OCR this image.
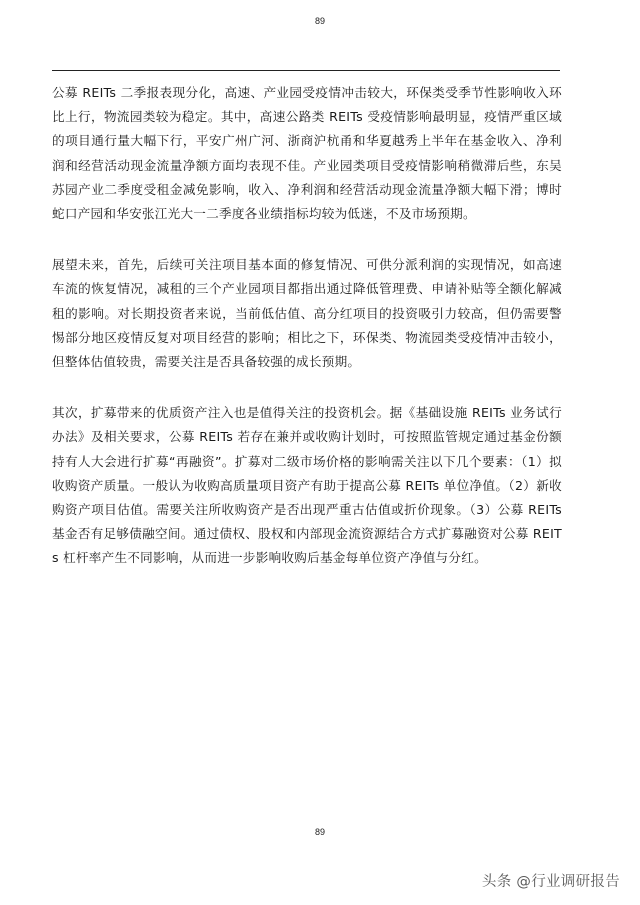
89

公募 REITs 二季报表现分化，高速、产业园受疫情冲击较大，环保类受季节性影响收入环比上行，物流园类较为稳定。其中，高速公路类 REITs 受疫情影响最明显，疫情严重区域的项目通行量大幅下行，平安广州广河、浙商沪杭甬和华夏越秀上半年在基金收入、净利润和经营活动现金流量净额方面均表现不佳。产业园类项目受疫情影响稍微滞后些，东吴苏园产业二季度受租金减免影响，收入、净利润和经营活动现金流量净额大幅下滑；博时蛇口产园和华安张江光大一二季度各业绩指标均较为低迷，不及市场预期。

展望未来，首先，后续可关注项目基本面的修复情况、可供分派利润的实现情况，如高速车流的恢复情况，减租的三个产业园项目都指出通过降低管理费、申请补贴等全额化解减租的影响。对长期投资者来说，当前低估值、高分红项目的投资吸引力较高，但仍需要警惕部分地区疫情反复对项目经营的影响；相比之下，环保类、物流园类受疫情冲击较小，但整体估值较贵，需要关注是否具备较强的成长预期。

其次，扩募带来的优质资产注入也是值得关注的投资机会。据《基础设施 REITs 业务试行办法》及相关要求，公募 REITs 若存在兼并或收购计划时，可按照监管规定通过基金份额持有人大会进行扩募“再融资”。扩募对二级市场价格的影响需关注以下几个要素：（1）拟收购资产质量。一般认为收购高质量项目资产有助于提高公募 REITs 单位净值。（2）新收购资产项目估值。需要关注所收购资产是否出现严重古估值或折价现象。（3）公募 REITs 基金否有足够债融空间。通过债权、股权和内部现金流资源结合方式扩募融资对公募 REITs 杠杆率产生不同影响，从而进一步影响收购后基金每单位资产净值与分红。

89
头条 @行业调研报告
